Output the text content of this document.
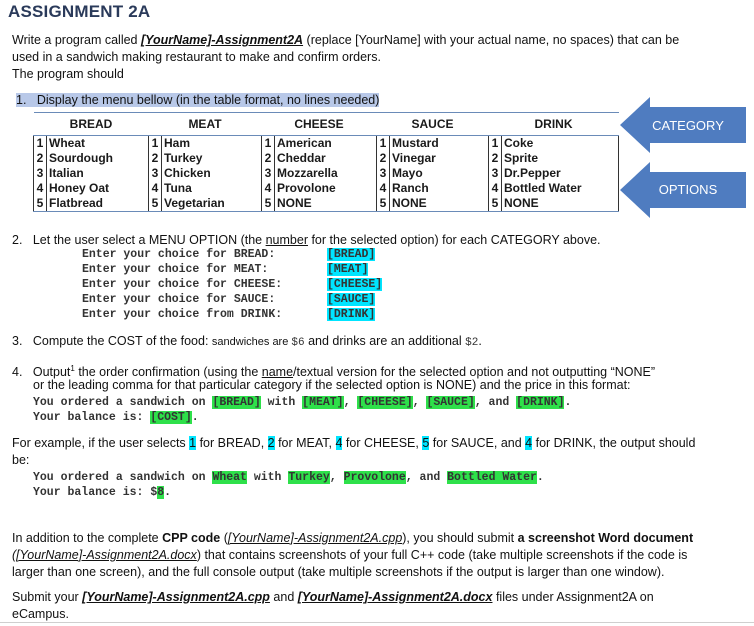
ASSIGNMENT 2A
Write a program called [YourName]-Assignment2A (replace [YourName] with your actual name, no spaces) that can be
used in a sandwich making restaurant to make and confirm orders.
The program should
1. Display the menu bellow (in the table format, no lines needed)
BREAD		MEAT		CHEESE		SAUCE		DRINK	
1	Wheat	1	Ham	1	American	1	Mustard	1	Coke
2	Sourdough	2	Turkey	2	Cheddar	2	Vinegar	2	Sprite
3	Italian	3	Chicken	3	Mozzarella	3	Mayo	3	Dr.Pepper
4	Honey Oat	4	Tuna	4	Provolone	4	Ranch	4	Bottled Water
5	Flatbread	5	Vegetarian	5	NONE	5	NONE	5	NONE
CATEGORY
OPTIONS
2. Let the user select a MENU OPTION (the number for the selected option) for each CATEGORY above.
Enter your choice for BREAD:	[BREAD]
Enter your choice for MEAT:	[MEAT]
Enter your choice for CHEESE:	[CHEESE]
Enter your choice for SAUCE:	[SAUCE]
Enter your choice from DRINK:	[DRINK]
3. Compute the COST of the food: sandwiches are $6 and drinks are an additional $2.
4. Output$^1$ the order confirmation (using the name/textual version for the selected option and not outputting “NONE”
or the leading comma for that particular category if the selected option is NONE) and the price in this format:
You ordered a sandwich on [BREAD] with [MEAT], [CHEESE], [SAUCE], and [DRINK].
Your balance is: [COST].
For example, if the user selects 1 for BREAD, 2 for MEAT, 4 for CHEESE, 5 for SAUCE, and 4 for DRINK, the output should
be:
You ordered a sandwich on Wheat with Turkey, Provolone, and Bottled Water.
Your balance is: $8.
In addition to the complete CPP code ([YourName]-Assignment2A.cpp), you should submit a screenshot Word document
([YourName]-Assignment2A.docx) that contains screenshots of your full C++ code (take multiple screenshots if the code is
larger than one screen), and the full console output (take multiple screenshots if the output is larger than one window).
Submit your [YourName]-Assignment2A.cpp and [YourName]-Assignment2A.docx files under Assignment2A on
eCampus.
